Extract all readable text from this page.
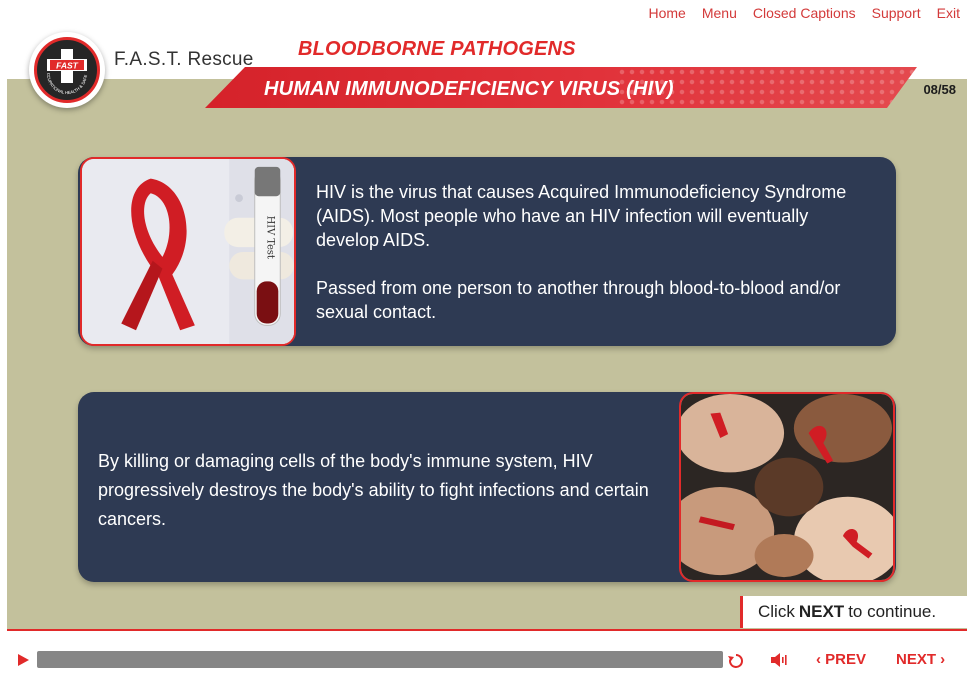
Home Menu Closed Captions Support Exit
FAST
CCUPATIONAL HEALTH & SAFE
F.A.S.T. Rescue BLOODBORNE PATHOGENS
HUMAN IMMUNODEFICIENCY VIRUS (HIV)	08/58
HIV Test

HIV is the virus that causes Acquired Immunodeficiency Syndrome (AIDS). Most people who have an HIV infection will eventually develop AIDS.

Passed from one person to another through blood-to-blood and/or sexual contact.

By killing or damaging cells of the body's immune system, HIV progressively destroys the body's ability to fight infections and certain cancers.

Click NEXT to continue.
‹ PREV NEXT ›
